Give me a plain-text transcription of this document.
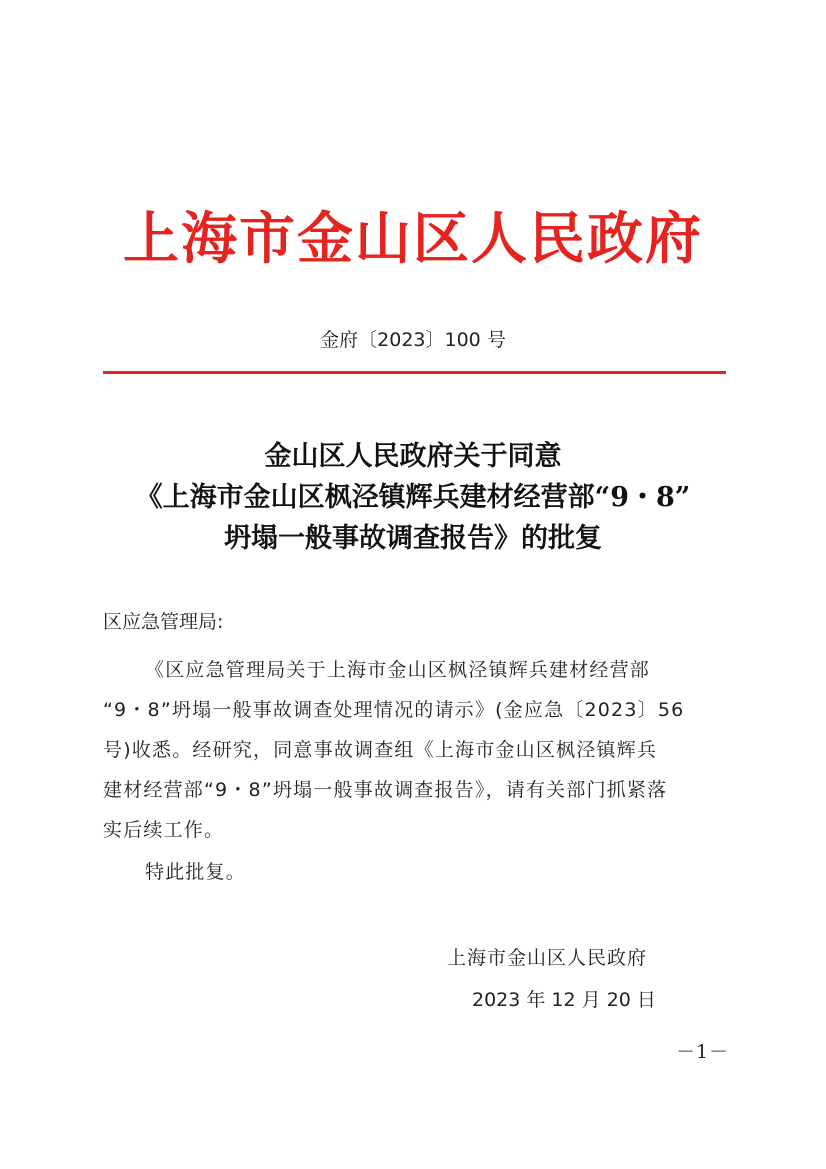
上海市金山区人民政府
金府〔2023〕100 号
金山区人民政府关于同意
《上海市金山区枫泾镇辉兵建材经营部“9・8”
坍塌一般事故调查报告》的批复
区应急管理局:
《区应急管理局关于上海市金山区枫泾镇辉兵建材经营部
“9・8”坍塌一般事故调查处理情况的请示》(金应急〔2023〕56
号)收悉。经研究，同意事故调查组《上海市金山区枫泾镇辉兵
建材经营部“9・8”坍塌一般事故调查报告》，请有关部门抓紧落
实后续工作。
特此批复。
上海市金山区人民政府
2023 年 12 月 20 日
－1－
